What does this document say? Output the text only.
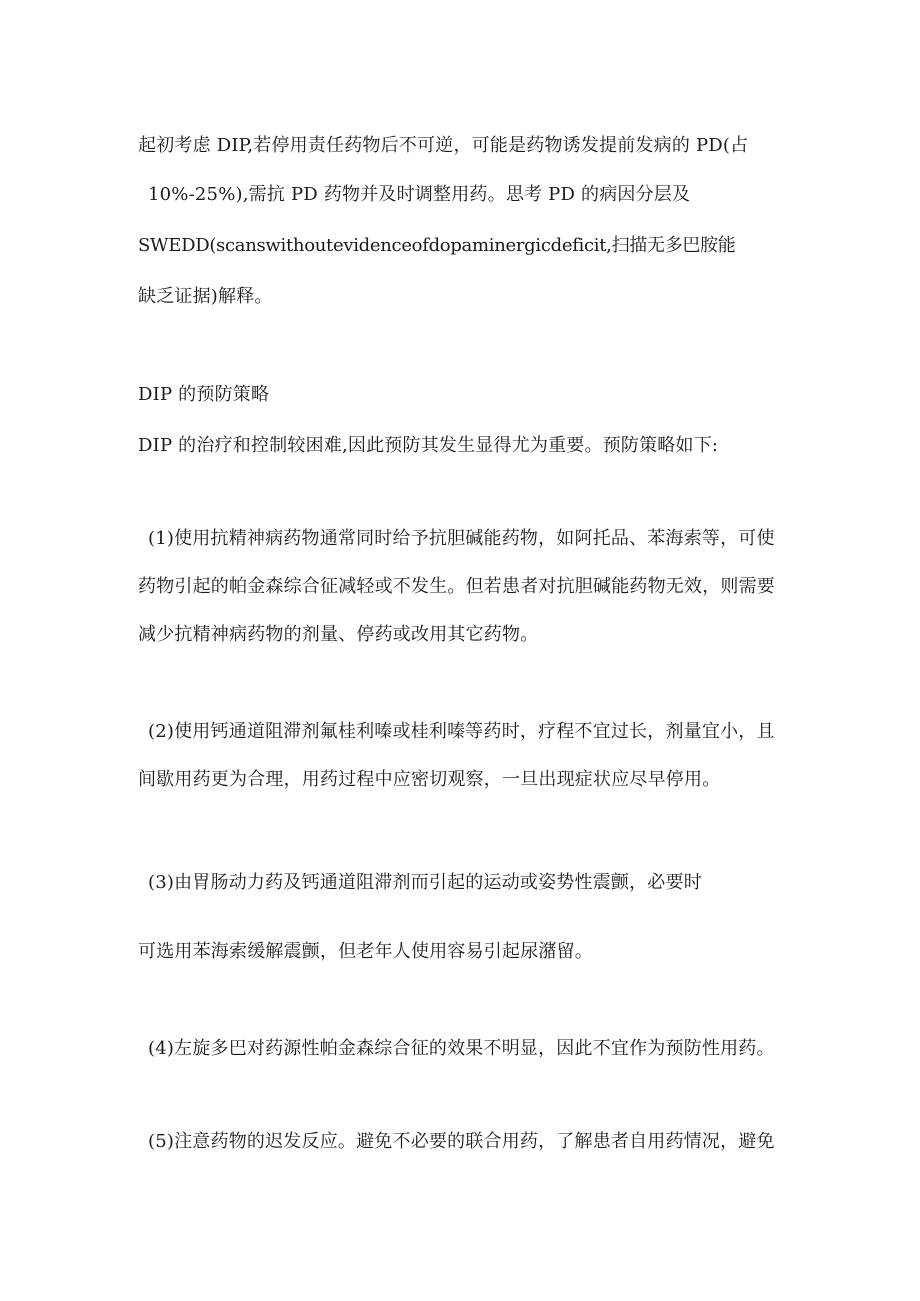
起初考虑 DIP,若停用责任药物后不可逆，可能是药物诱发提前发病的 PD(占
10%-25%),需抗 PD 药物并及时调整用药。思考 PD 的病因分层及
SWEDD(scanswithoutevidenceofdopaminergicdeficit,扫描无多巴胺能
缺乏证据)解释。
DIP 的预防策略
DIP 的治疗和控制较困难,因此预防其发生显得尤为重要。预防策略如下:
(1)使用抗精神病药物通常同时给予抗胆碱能药物，如阿托品、苯海索等，可使
药物引起的帕金森综合征减轻或不发生。但若患者对抗胆碱能药物无效，则需要
减少抗精神病药物的剂量、停药或改用其它药物。
(2)使用钙通道阻滞剂氟桂利嗪或桂利嗪等药时，疗程不宜过长，剂量宜小，且
间歇用药更为合理，用药过程中应密切观察，一旦出现症状应尽早停用。
(3)由胃肠动力药及钙通道阻滞剂而引起的运动或姿势性震颤，必要时
可选用苯海索缓解震颤，但老年人使用容易引起尿潴留。
(4)左旋多巴对药源性帕金森综合征的效果不明显，因此不宜作为预防性用药。
(5)注意药物的迟发反应。避免不必要的联合用药，了解患者自用药情况，避免
